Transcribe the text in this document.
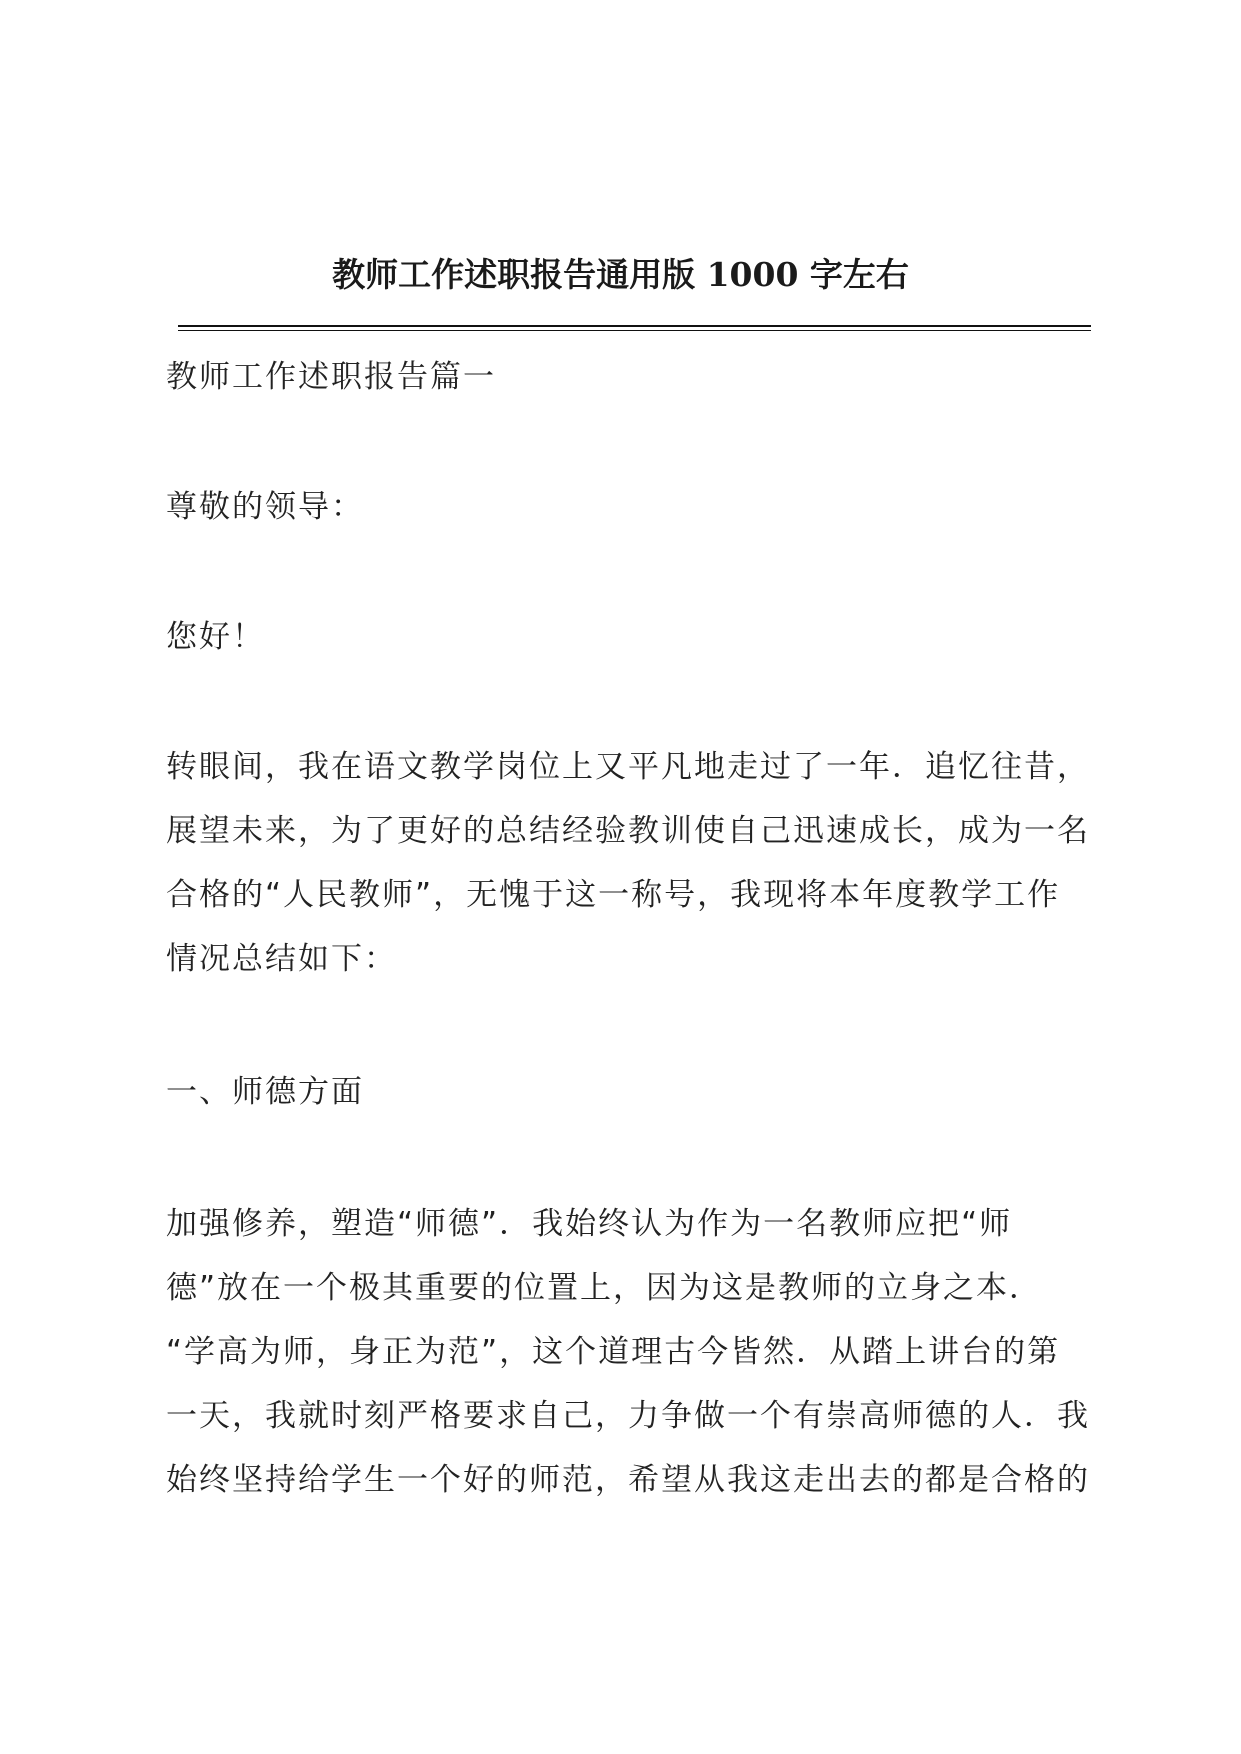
教师工作述职报告通用版 1000 字左右

教师工作述职报告篇一

尊敬的领导：

您好！

转眼间，我在语文教学岗位上又平凡地走过了一年．追忆往昔，
展望未来，为了更好的总结经验教训使自己迅速成长，成为一名
合格的“人民教师”，无愧于这一称号，我现将本年度教学工作
情况总结如下：

一、师德方面

加强修养，塑造“师德”．我始终认为作为一名教师应把“师
德”放在一个极其重要的位置上，因为这是教师的立身之本．
“学高为师，身正为范”，这个道理古今皆然．从踏上讲台的第
一天，我就时刻严格要求自己，力争做一个有崇高师德的人．我
始终坚持给学生一个好的师范，希望从我这走出去的都是合格的
